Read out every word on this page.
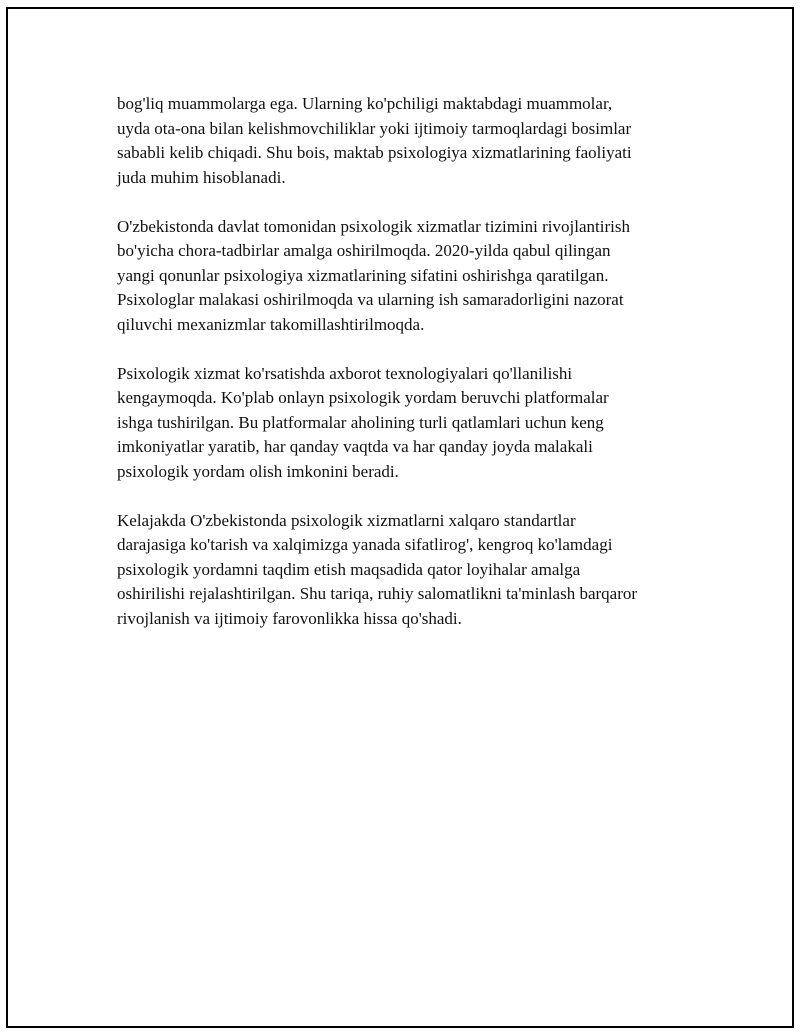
bog'liq muammolarga ega. Ularning ko'pchiligi maktabdagi muammolar,
uyda ota-ona bilan kelishmovchiliklar yoki ijtimoiy tarmoqlardagi bosimlar
sababli kelib chiqadi. Shu bois, maktab psixologiya xizmatlarining faoliyati
juda muhim hisoblanadi.

O'zbekistonda davlat tomonidan psixologik xizmatlar tizimini rivojlantirish
bo'yicha chora-tadbirlar amalga oshirilmoqda. 2020-yilda qabul qilingan
yangi qonunlar psixologiya xizmatlarining sifatini oshirishga qaratilgan.
Psixologlar malakasi oshirilmoqda va ularning ish samaradorligini nazorat
qiluvchi mexanizmlar takomillashtirilmoqda.

Psixologik xizmat ko'rsatishda axborot texnologiyalari qo'llanilishi
kengaymoqda. Ko'plab onlayn psixologik yordam beruvchi platformalar
ishga tushirilgan. Bu platformalar aholining turli qatlamlari uchun keng
imkoniyatlar yaratib, har qanday vaqtda va har qanday joyda malakali
psixologik yordam olish imkonini beradi.

Kelajakda O'zbekistonda psixologik xizmatlarni xalqaro standartlar
darajasiga ko'tarish va xalqimizga yanada sifatlirog', kengroq ko'lamdagi
psixologik yordamni taqdim etish maqsadida qator loyihalar amalga
oshirilishi rejalashtirilgan. Shu tariqa, ruhiy salomatlikni ta'minlash barqaror
rivojlanish va ijtimoiy farovonlikka hissa qo'shadi.
